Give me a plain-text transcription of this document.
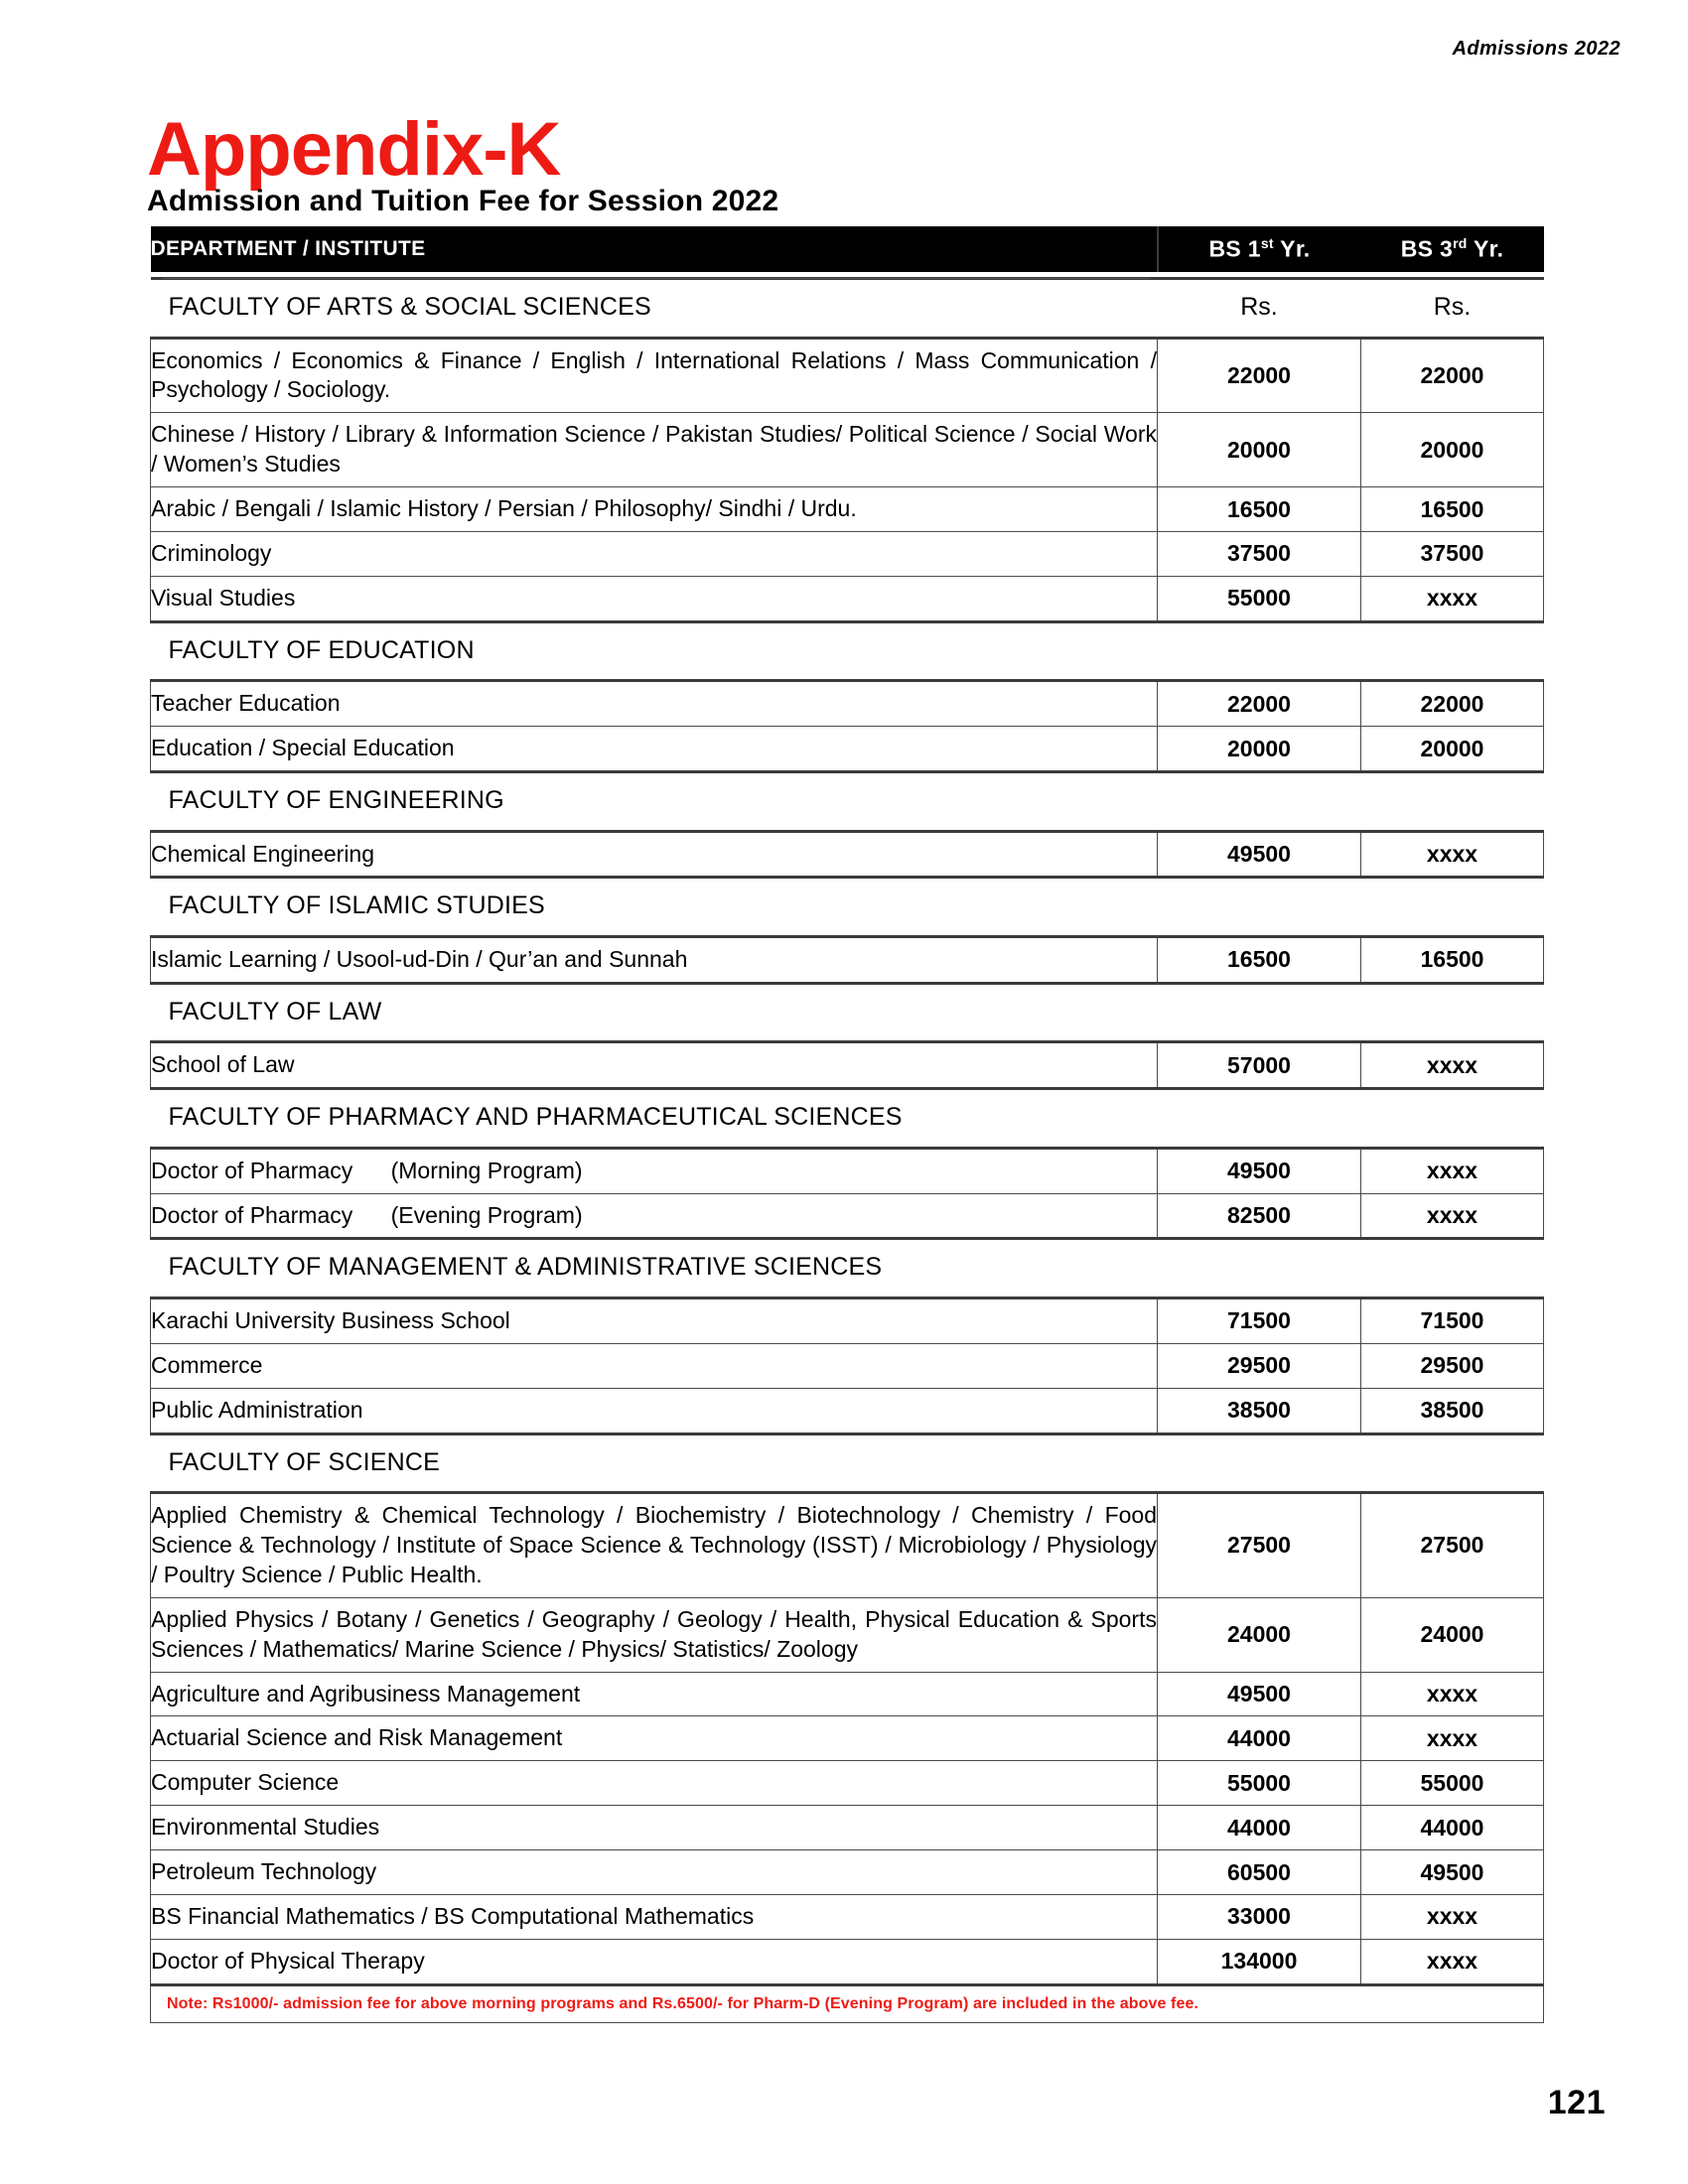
Admissions 2022
Appendix-K
Admission and Tuition Fee for Session 2022
DEPARTMENT / INSTITUTE	BS 1st Yr.	BS 3rd Yr.

FACULTY OF ARTS & SOCIAL SCIENCES	Rs.	Rs.
Economics / Economics & Finance / English / International Relations / Mass Communication / Psychology / Sociology.	22000	22000
Chinese / History / Library & Information Science / Pakistan Studies/ Political Science / Social Work / Women’s Studies	20000	20000
Arabic / Bengali / Islamic History / Persian / Philosophy/ Sindhi / Urdu.	16500	16500
Criminology	37500	37500
Visual Studies	55000	xxxx
FACULTY OF EDUCATION		
Teacher Education	22000	22000
Education / Special Education	20000	20000
FACULTY OF ENGINEERING		
Chemical Engineering	49500	xxxx
FACULTY OF ISLAMIC STUDIES		
Islamic Learning / Usool-ud-Din / Qur’an and Sunnah	16500	16500
FACULTY OF LAW		
School of Law	57000	xxxx
FACULTY OF PHARMACY AND PHARMACEUTICAL SCIENCES		
Doctor of Pharmacy      (Morning Program)	49500	xxxx
Doctor of Pharmacy      (Evening Program)	82500	xxxx
FACULTY OF MANAGEMENT & ADMINISTRATIVE SCIENCES		
Karachi University Business School	71500	71500
Commerce	29500	29500
Public Administration	38500	38500
FACULTY OF SCIENCE		
Applied Chemistry & Chemical Technology / Biochemistry / Biotechnology / Chemistry / Food Science & Technology / Institute of Space Science & Technology (ISST) / Microbiology / Physiology / Poultry Science / Public Health.	27500	27500
Applied Physics / Botany / Genetics / Geography / Geology / Health, Physical Education & Sports Sciences / Mathematics/ Marine Science / Physics/ Statistics/ Zoology	24000	24000
Agriculture and Agribusiness Management	49500	xxxx
Actuarial Science and Risk Management	44000	xxxx
Computer Science	55000	55000
Environmental Studies	44000	44000
Petroleum Technology	60500	49500
BS Financial Mathematics / BS Computational Mathematics	33000	xxxx
Doctor of Physical Therapy	134000	xxxx
Note: Rs1000/- admission fee for above morning programs and Rs.6500/- for Pharm-D (Evening Program) are included in the above fee.		
121
